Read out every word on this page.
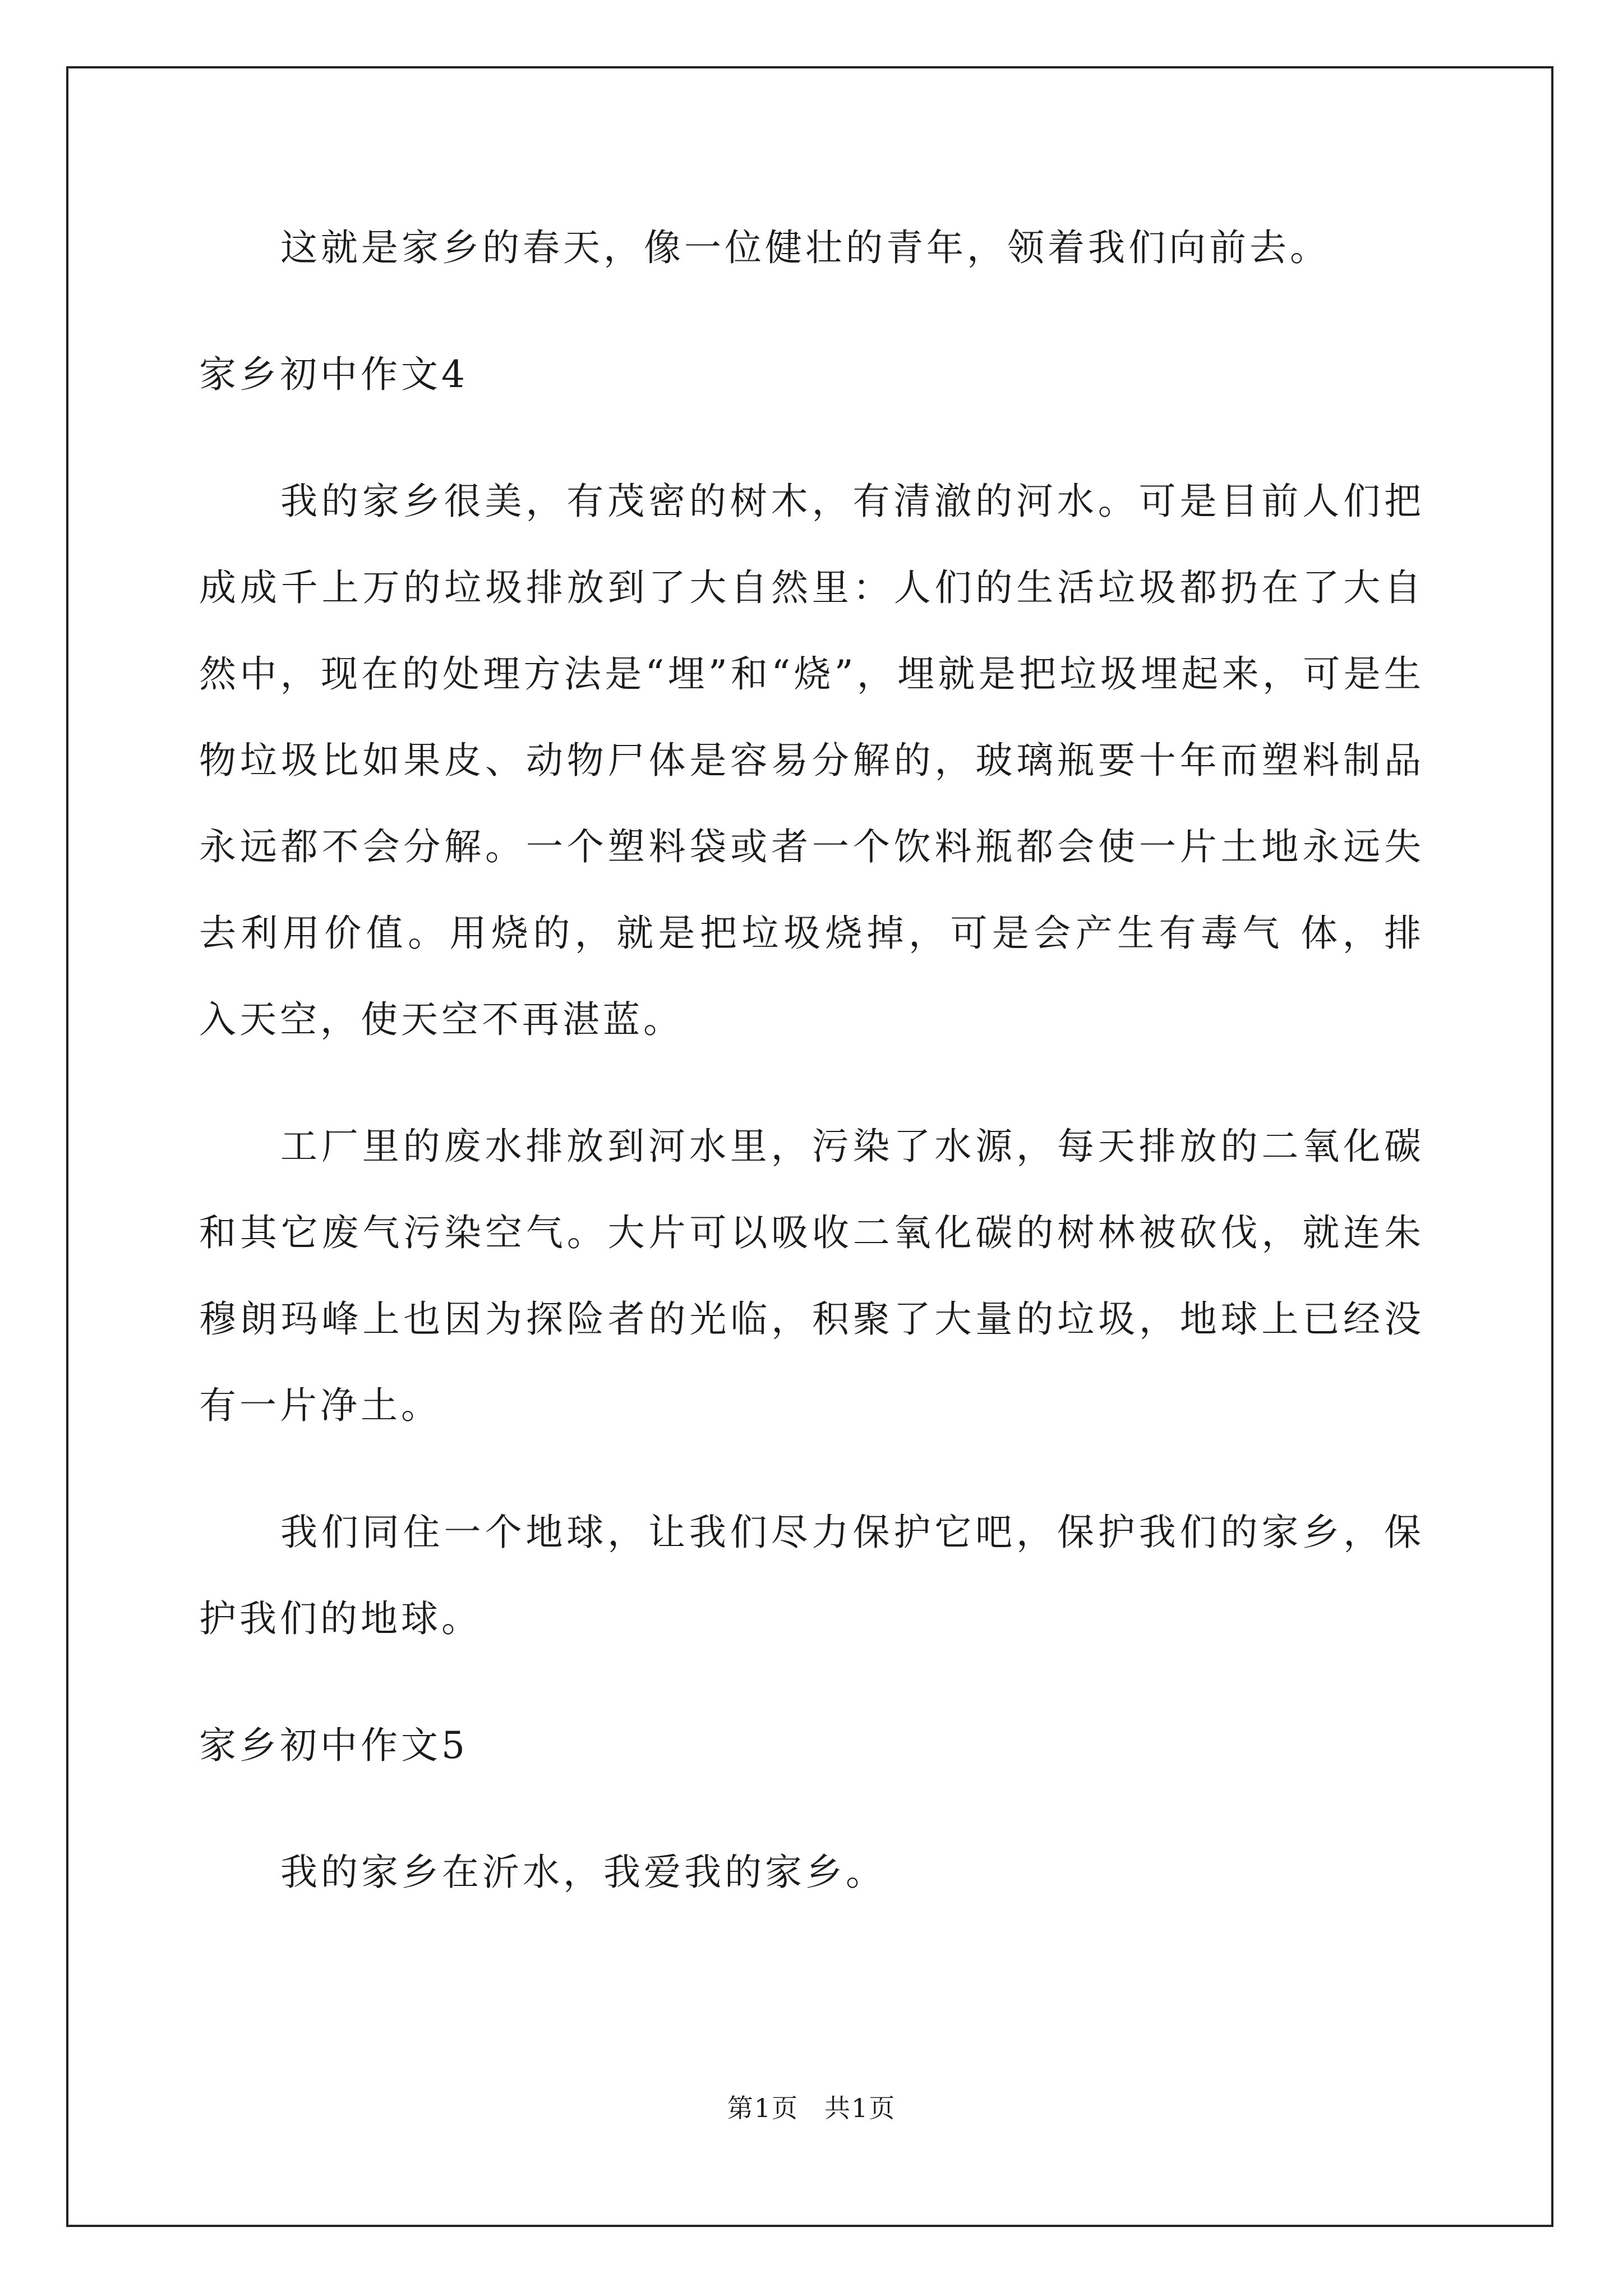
这就是家乡的春天，像一位健壮的青年，领着我们向前去。

家乡初中作文4

我的家乡很美，有茂密的树木，有清澈的河水。可是目前人们把成成千上万的垃圾排放到了大自然里：人们的生活垃圾都扔在了大自然中，现在的处理方法是“埋”和“烧”，埋就是把垃圾埋起来，可是生物垃圾比如果皮、动物尸体是容易分解的，玻璃瓶要十年而塑料制品永远都不会分解。一个塑料袋或者一个饮料瓶都会使一片土地永远失去利用价值。用烧的，就是把垃圾烧掉，可是会产生有毒气 体，排入天空，使天空不再湛蓝。

工厂里的废水排放到河水里，污染了水源，每天排放的二氧化碳和其它废气污染空气。大片可以吸收二氧化碳的树林被砍伐，就连朱穆朗玛峰上也因为探险者的光临，积聚了大量的垃圾，地球上已经没有一片净土。

我们同住一个地球，让我们尽力保护它吧，保护我们的家乡，保护我们的地球。

家乡初中作文5

我的家乡在沂水，我爱我的家乡。

第1页 共1页
